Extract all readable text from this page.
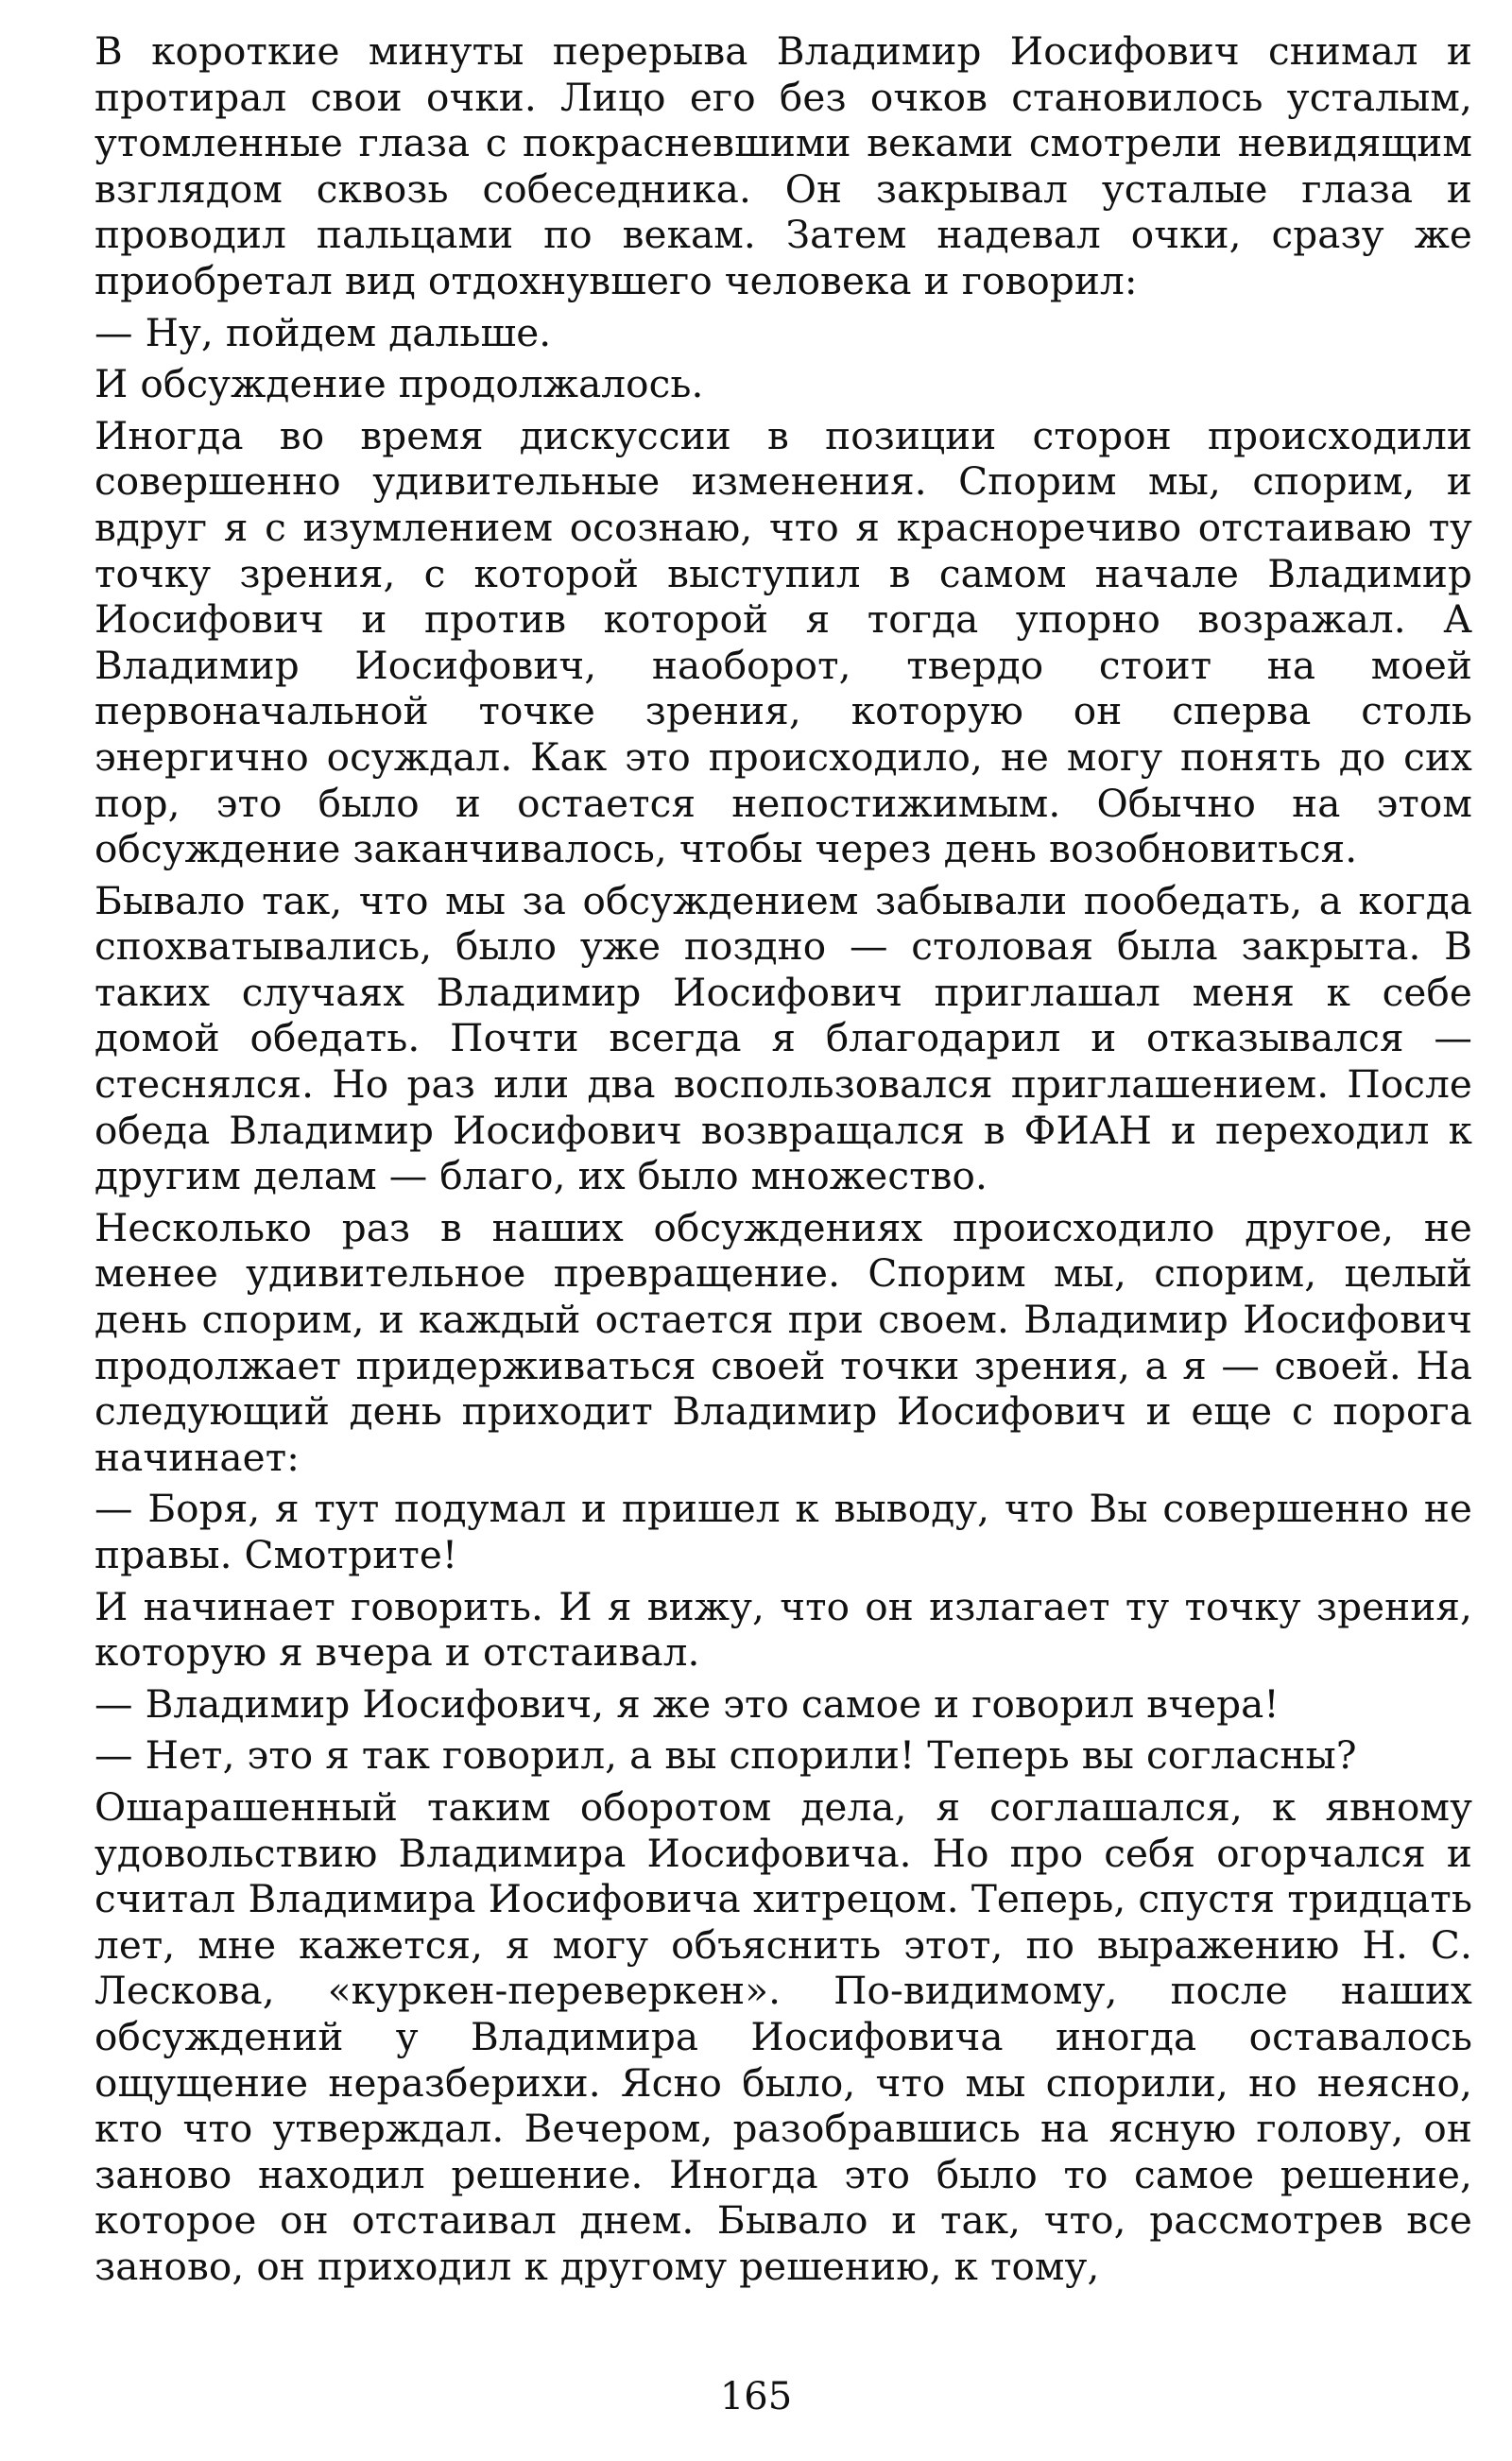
В короткие минуты перерыва Владимир Иосифович снимал и протирал свои очки. Лицо его без очков становилось усталым, утомленные глаза с покрасневшими веками смотрели невидящим взглядом сквозь собеседника. Он закрывал усталые глаза и проводил пальцами по векам. Затем надевал очки, сразу же приобретал вид отдохнувшего человека и говорил:

— Ну, пойдем дальше.

И обсуждение продолжалось.

Иногда во время дискуссии в позиции сторон происходили совершенно удивительные изменения. Спорим мы, спорим, и вдруг я с изумлением осознаю, что я красноречиво отстаиваю ту точку зрения, с которой выступил в самом начале Владимир Иосифович и против которой я тогда упорно возражал. А Владимир Иосифович, наоборот, твердо стоит на моей первоначальной точке зрения, которую он сперва столь энергично осуждал. Как это происходило, не могу понять до сих пор, это было и остается непостижимым. Обычно на этом обсуждение заканчивалось, чтобы через день возобновиться.

Бывало так, что мы за обсуждением забывали пообедать, а когда спохватывались, было уже поздно — столовая была закрыта. В таких случаях Владимир Иосифович приглашал меня к себе домой обедать. Почти всегда я благодарил и отказывался — стеснялся. Но раз или два воспользовался приглашением. После обеда Владимир Иосифович возвращался в ФИАН и переходил к другим делам — благо, их было множество.

Несколько раз в наших обсуждениях происходило другое, не менее удивительное превращение. Спорим мы, спорим, целый день спорим, и каждый остается при своем. Владимир Иосифович продолжает придерживаться своей точки зрения, а я — своей. На следующий день приходит Владимир Иосифович и еще с порога начинает:

— Боря, я тут подумал и пришел к выводу, что Вы совершенно не правы. Смотрите!

И начинает говорить. И я вижу, что он излагает ту точку зрения, которую я вчера и отстаивал.

— Владимир Иосифович, я же это самое и говорил вчера!

— Нет, это я так говорил, а вы спорили! Теперь вы согласны?

Ошарашенный таким оборотом дела, я соглашался, к явному удовольствию Владимира Иосифовича. Но про себя огорчался и считал Владимира Иосифовича хитрецом. Теперь, спустя тридцать лет, мне кажется, я могу объяснить этот, по выражению Н. С. Лескова, «куркен-переверкен». По-видимому, после наших обсуждений у Владимира Иосифовича иногда оставалось ощущение неразберихи. Ясно было, что мы спорили, но неясно, кто что утверждал. Вечером, разобравшись на ясную голову, он заново находил решение. Иногда это было то самое решение, которое он отстаивал днем. Бывало и так, что, рассмотрев все заново, он приходил к другому решению, к тому,

165
